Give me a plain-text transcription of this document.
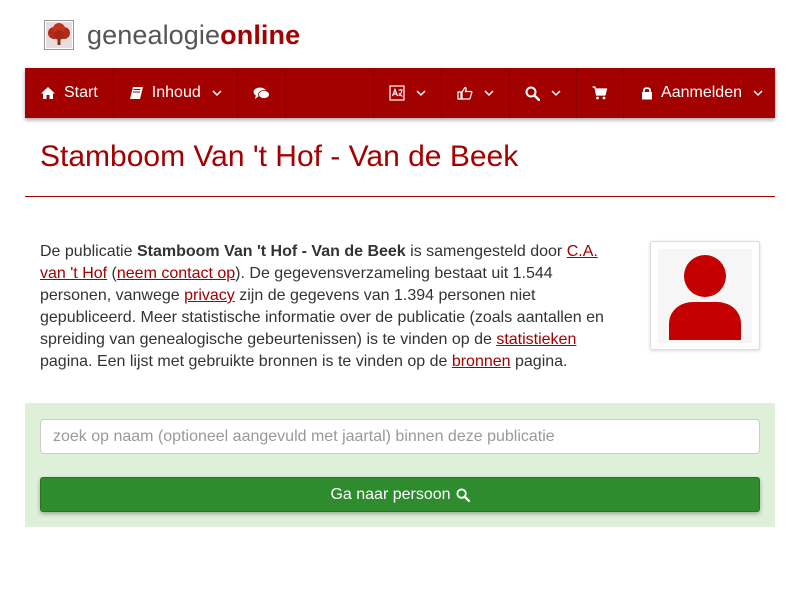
genealogieonline
Start	Inhoud	Aanmelden
Stamboom Van 't Hof - Van de Beek

De publicatie Stamboom Van 't Hof - Van de Beek is samengesteld door C.A. van 't Hof (neem contact op). De gegevensverzameling bestaat uit 1.544 personen, vanwege privacy zijn de gegevens van 1.394 personen niet gepubliceerd. Meer statistische informatie over de publicatie (zoals aantallen en spreiding van genealogische gebeurtenissen) is te vinden op de statistieken pagina. Een lijst met gebruikte bronnen is te vinden op de bronnen pagina.

zoek op naam (optioneel aangevuld met jaartal) binnen deze publicatie
Ga naar persoon
